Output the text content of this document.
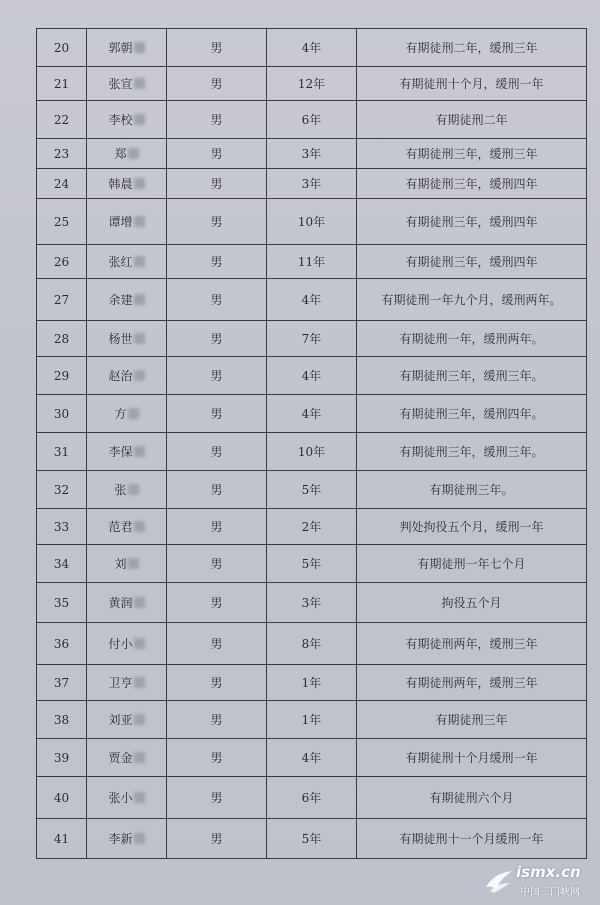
20	郭朝	男	4年	有期徒刑二年，缓刑三年
21	张宣	男	12年	有期徒刑十个月，缓刑一年
22	李校	男	6年	有期徒刑二年
23	郑	男	3年	有期徒刑三年，缓刑三年
24	韩晨	男	3年	有期徒刑三年，缓刑四年
25	谭增	男	10年	有期徒刑三年，缓刑四年
26	张红	男	11年	有期徒刑三年，缓刑四年
27	余建	男	4年	有期徒刑一年九个月，缓刑两年。
28	杨世	男	7年	有期徒刑一年，缓刑两年。
29	赵治	男	4年	有期徒刑三年，缓刑三年。
30	方	男	4年	有期徒刑三年，缓刑四年。
31	李保	男	10年	有期徒刑三年，缓刑三年。
32	张	男	5年	有期徒刑三年。
33	范君	男	2年	判处拘役五个月，缓刑一年
34	刘	男	5年	有期徒刑一年七个月
35	黄润	男	3年	拘役五个月
36	付小	男	8年	有期徒刑两年，缓刑三年
37	卫亨	男	1年	有期徒刑两年，缓刑三年
38	刘亚	男	1年	有期徒刑三年
39	贾金	男	4年	有期徒刑十个月缓刑一年
40	张小	男	6年	有期徒刑六个月
41	李新	男	5年	有期徒刑十一个月缓刑一年
ismx.cn
中国三门峡网
